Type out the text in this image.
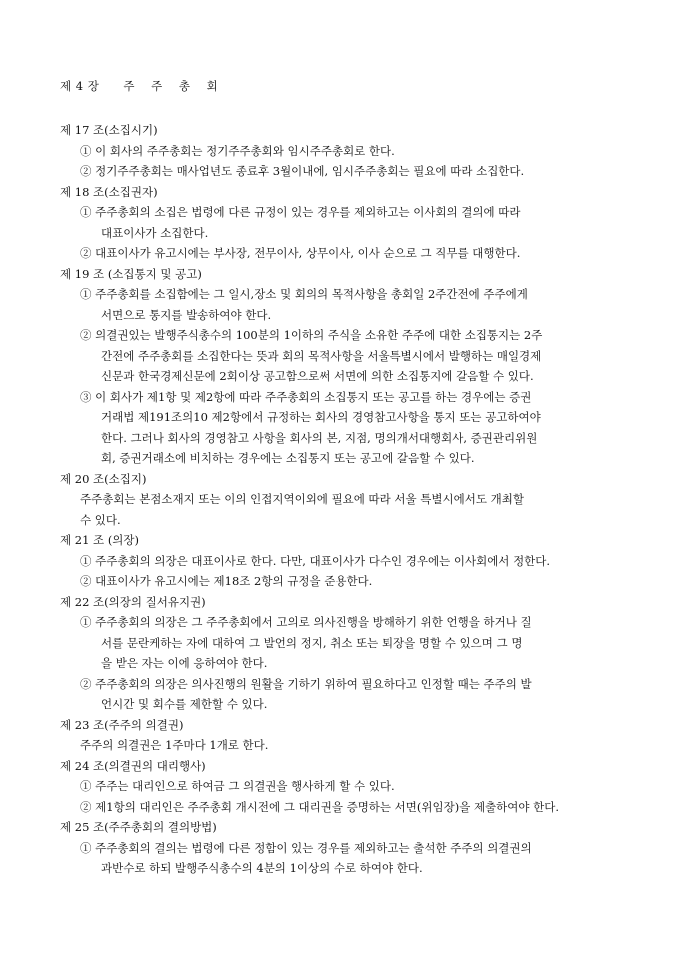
제 4 장 주 주 총 회
제 17 조(소집시기)
① 이 회사의 주주총회는 정기주주총회와 임시주주총회로 한다.
② 정기주주총회는 매사업년도 종료후 3월이내에, 임시주주총회는 필요에 따라 소집한다.
제 18 조(소집권자)
① 주주총회의 소집은 법령에 다른 규정이 있는 경우를 제외하고는 이사회의 결의에 따라
대표이사가 소집한다.
② 대표이사가 유고시에는 부사장, 전무이사, 상무이사, 이사 순으로 그 직무를 대행한다.
제 19 조 (소집통지 및 공고)
① 주주총회를 소집함에는 그 일시,장소 및 회의의 목적사항을 총회일 2주간전에 주주에게
서면으로 통지를 발송하여야 한다.
② 의결권있는 발행주식총수의 100분의 1이하의 주식을 소유한 주주에 대한 소집통지는 2주
간전에 주주총회를 소집한다는 뜻과 회의 목적사항을 서울특별시에서 발행하는 매일경제
신문과 한국경제신문에 2회이상 공고함으로써 서면에 의한 소집통지에 갈음할 수 있다.
③ 이 회사가 제1항 및 제2항에 따라 주주총회의 소집통지 또는 공고를 하는 경우에는 증권
거래법 제191조의10 제2항에서 규정하는 회사의 경영참고사항을 통지 또는 공고하여야
한다. 그러나 회사의 경영참고 사항을 회사의 본, 지점, 명의개서대행회사, 증권관리위원
회, 증권거래소에 비치하는 경우에는 소집통지 또는 공고에 갈음할 수 있다.
제 20 조(소집지)
주주총회는 본점소재지 또는 이의 인접지역이외에 필요에 따라 서울 특별시에서도 개최할
수 있다.
제 21 조 (의장)
① 주주총회의 의장은 대표이사로 한다. 다만, 대표이사가 다수인 경우에는 이사회에서 정한다.
② 대표이사가 유고시에는 제18조 2항의 규정을 준용한다.
제 22 조(의장의 질서유지권)
① 주주총회의 의장은 그 주주총회에서 고의로 의사진행을 방해하기 위한 언행을 하거나 질
서를 문란케하는 자에 대하여 그 발언의 정지, 취소 또는 퇴장을 명할 수 있으며 그 명
을 받은 자는 이에 응하여야 한다.
② 주주총회의 의장은 의사진행의 원활을 기하기 위하여 필요하다고 인정할 때는 주주의 발
언시간 및 회수를 제한할 수 있다.
제 23 조(주주의 의결권)
주주의 의결권은 1주마다 1개로 한다.
제 24 조(의결권의 대리행사)
① 주주는 대리인으로 하여금 그 의결권을 행사하게 할 수 있다.
② 제1항의 대리인은 주주총회 개시전에 그 대리권을 증명하는 서면(위임장)을 제출하여야 한다.
제 25 조(주주총회의 결의방법)
① 주주총회의 결의는 법령에 다른 정함이 있는 경우를 제외하고는 출석한 주주의 의결권의
과반수로 하되 발행주식총수의 4분의 1이상의 수로 하여야 한다.
